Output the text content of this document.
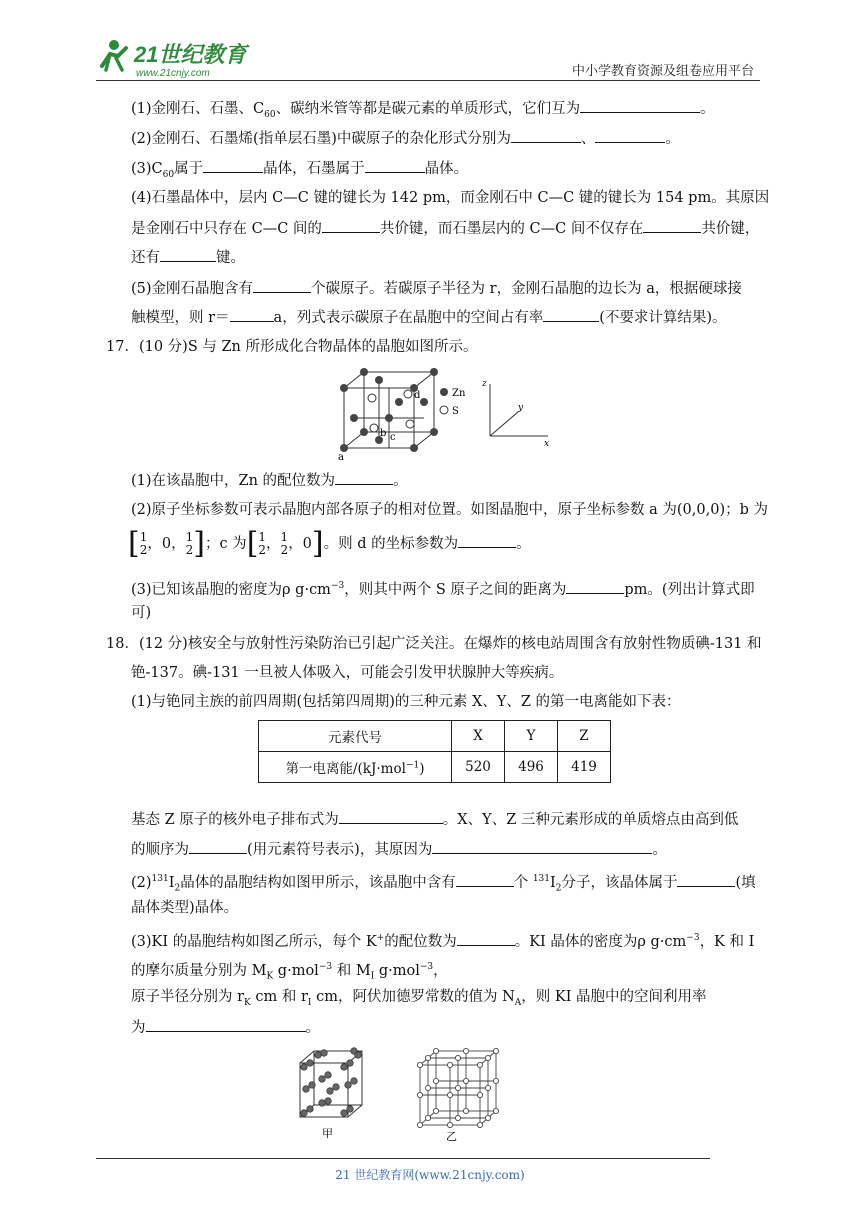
21世纪教育
www.21cnjy.com	中小学教育资源及组卷应用平台
(1)金刚石、石墨、$C_{60}$、碳纳米管等都是碳元素的单质形式，它们互为	。
(2)金刚石、石墨烯(指单层石墨)中碳原子的杂化形式分别为	、	。
$(3)C_{60}$属于	晶体，石墨属于	晶体。
(4)石墨晶体中，层内 C—C 键的键长为 142 pm，而金刚石中 C—C 键的键长为 154 pm。其原因
是金刚石中只存在 C—C 间的	共价键，而石墨层内的 C—C 间不仅存在	共价键，
还有	键。
(5)金刚石晶胞含有	个碳原子。若碳原子半径为 r，金刚石晶胞的边长为 a，根据硬球接
触模型，则 r＝	a，列式表示碳原子在晶胞中的空间占有率	(不要求计算结果)。
17．(10 分)S 与 Zn 所形成化合物晶体的晶胞如图所示。
a
b c
d	Zn
S
z
y
x
(1)在该晶胞中，Zn 的配位数为	。
(2)原子坐标参数可表示晶胞内部各原子的相对位置。如图晶胞中，原子坐标参数 a 为(0,0,0)；b 为
[ 1
2 ，0， 1
2 ]；c 为[ 1
2 ， 1
2 ，0]。则 d 的坐标参数为	。
(3)已知该晶胞的密度为ρ $g\cdot cm^{-3}$，则其中两个 S 原子之间的距离为	pm。(列出计算式即
可)
18．(12 分)核安全与放射性污染防治已引起广泛关注。在爆炸的核电站周围含有放射性物质碘-131 和
铯-137。碘-131 一旦被人体吸入，可能会引发甲状腺肿大等疾病。
(1)与铯同主族的前四周期(包括第四周期)的三种元素 X、Y、Z 的第一电离能如下表：
元素代号	X	Y	Z
第一电离能/(kJ·mol$^{-1}$)	520	496	419
基态 Z 原子的核外电子排布式为	。X、Y、Z 三种元素形成的单质熔点由高到低
的顺序为	(用元素符号表示)，其原因为	。
$(2)^{131}I_2$晶体的晶胞结构如图甲所示，该晶胞中含有	个 $^{131}I_2$分子，该晶体属于	(填
晶体类型)晶体。
(3)KI 的晶胞结构如图乙所示，每个 K+的配位数为	。KI 晶体的密度为ρ $g\cdot cm^{-3}$，K 和 I
的摩尔质量分别为 $M_K$ g·mol$^{-3}$ 和 $M_I$ g·mol$^{-3}$，
原子半径分别为 $r_K$ cm 和 $r_I$ cm，阿伏加德罗常数的值为 $N_A$，则 KI 晶胞中的空间利用率
为	。
甲	乙
21 世纪教育网(www.21cnjy.com)
